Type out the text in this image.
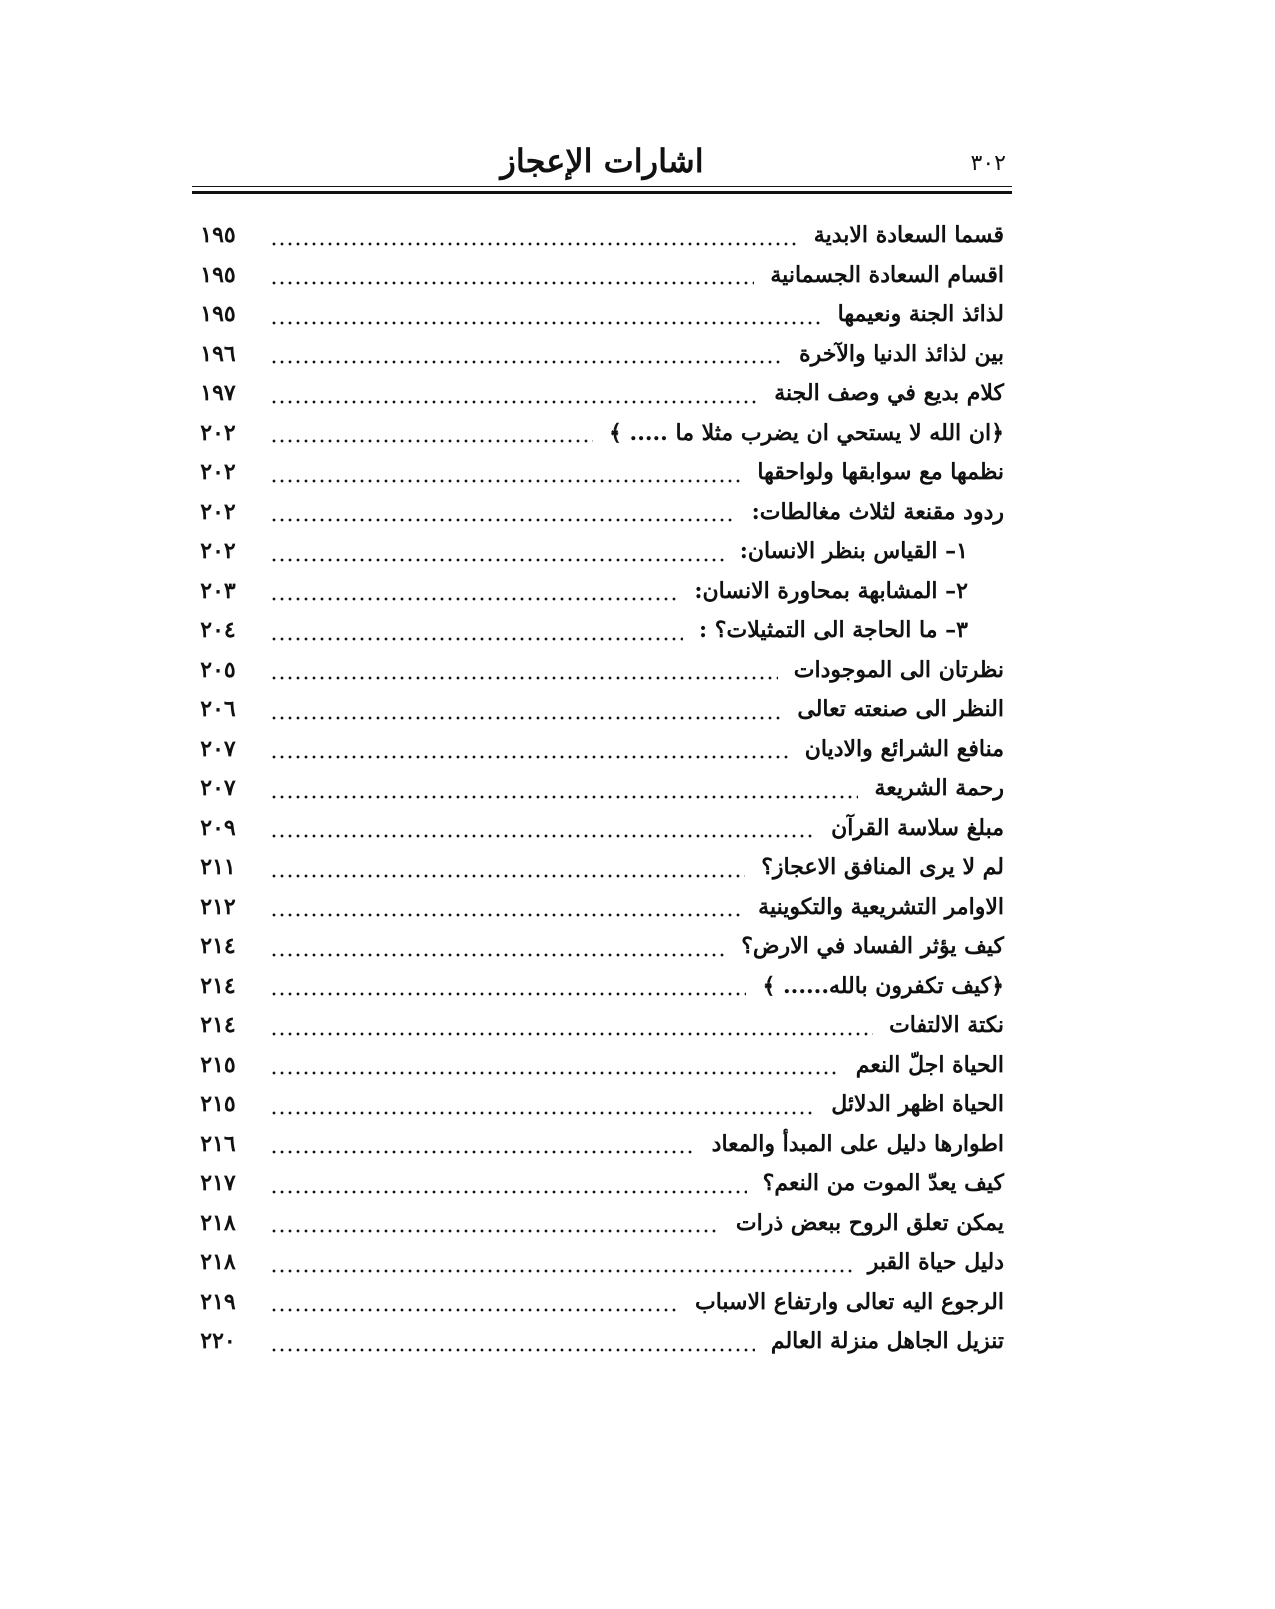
اشارات الإعجاز	٣٠٢
قسما السعادة الابدية
١٩٥
اقسام السعادة الجسمانية
١٩٥
لذائذ الجنة ونعيمها
١٩٥
بين لذائذ الدنيا والآخرة
١٩٦
كلام بديع في وصف الجنة
١٩٧
﴿ان الله لا يستحي ان يضرب مثلا ما ..... ﴾
٢٠٢
نظمها مع سوابقها ولواحقها
٢٠٢
ردود مقنعة لثلاث مغالطات:
٢٠٢
١– القياس بنظر الانسان:
٢٠٢
٢– المشابهة بمحاورة الانسان:
٢٠٣
٣– ما الحاجة الى التمثيلات؟ :
٢٠٤
نظرتان الى الموجودات
٢٠٥
النظر الى صنعته تعالى
٢٠٦
منافع الشرائع والاديان
٢٠٧
رحمة الشريعة
٢٠٧
مبلغ سلاسة القرآن
٢٠٩
لم لا يرى المنافق الاعجاز؟
٢١١
الاوامر التشريعية والتكوينية
٢١٢
كيف يؤثر الفساد في الارض؟
٢١٤
﴿كيف تكفرون بالله...... ﴾
٢١٤
نكتة الالتفات
٢١٤
الحياة اجلّ النعم
٢١٥
الحياة اظهر الدلائل
٢١٥
اطوارها دليل على المبدأ والمعاد
٢١٦
كيف يعدّ الموت من النعم؟
٢١٧
يمكن تعلق الروح ببعض ذرات
٢١٨
دليل حياة القبر
٢١٨
الرجوع اليه تعالى وارتفاع الاسباب
٢١٩
تنزيل الجاهل منزلة العالم
٢٢٠
